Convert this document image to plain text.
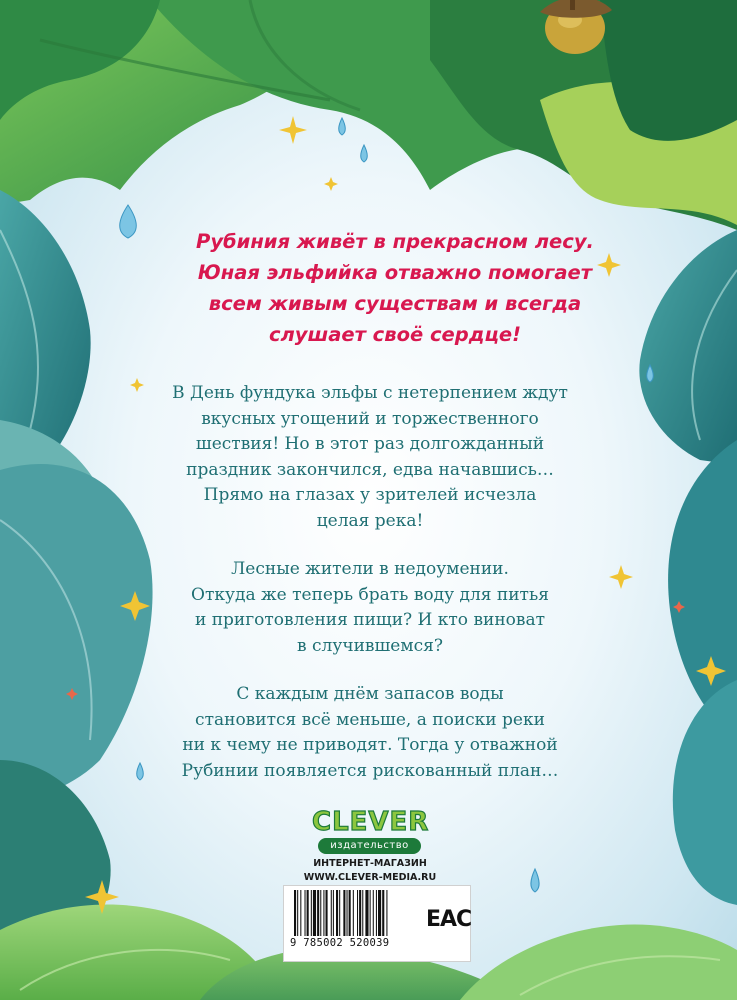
Рубиния живёт в прекрасном лесу.
Юная эльфийка отважно помогает
всем живым существам и всегда
слушает своё сердце!

В День фундука эльфы с нетерпением ждут
вкусных угощений и торжественного
шествия! Но в этот раз долгожданный
праздник закончился, едва начавшись…
Прямо на глазах у зрителей исчезла
целая река!

Лесные жители в недоумении.
Откуда же теперь брать воду для питья
и приготовления пищи? И кто виноват
в случившемся?

С каждым днём запасов воды
становится всё меньше, а поиски реки
ни к чему не приводят. Тогда у отважной
Рубинии появляется рискованный план…

CLEVER
издательство
ИНТЕРНЕТ-МАГАЗИН
WWW.CLEVER-MEDIA.RU
9 785002 520039
EAC
